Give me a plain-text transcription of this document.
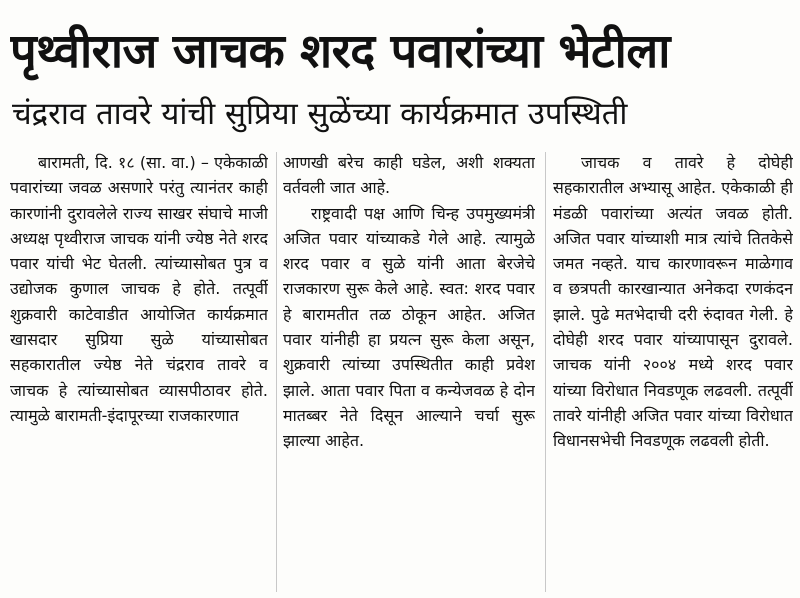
पृथ्वीराज जाचक शरद पवारांच्या भेटीला
चंद्रराव तावरे यांची सुप्रिया सुळेंच्या कार्यक्रमात उपस्थिती

बारामती, दि. १८ (सा. वा.) – एकेकाळी पवारांच्या जवळ असणारे परंतु त्यानंतर काही कारणांनी दुरावलेले राज्य साखर संघाचे माजी अध्यक्ष पृथ्वीराज जाचक यांनी ज्येष्ठ नेते शरद पवार यांची भेट घेतली. त्यांच्यासोबत पुत्र व उद्योजक कुणाल जाचक हे होते. तत्पूर्वी शुक्रवारी काटेवाडीत आयोजित कार्यक्रमात खासदार सुप्रिया सुळे यांच्यासोबत सहकारातील ज्येष्ठ नेते चंद्रराव तावरे व जाचक हे त्यांच्यासोबत व्यासपीठावर होते. त्यामुळे बारामती-इंदापूरच्या राजकारणात

आणखी बरेच काही घडेल, अशी शक्यता वर्तवली जात आहे.

राष्ट्रवादी पक्ष आणि चिन्ह उपमुख्यमंत्री अजित पवार यांच्याकडे गेले आहे. त्यामुळे शरद पवार व सुळे यांनी आता बेरजेचे राजकारण सुरू केले आहे. स्वत: शरद पवार हे बारामतीत तळ ठोकून आहेत. अजित पवार यांनीही हा प्रयत्न सुरू केला असून, शुक्रवारी त्यांच्या उपस्थितीत काही प्रवेश झाले. आता पवार पिता व कन्येजवळ हे दोन मातब्बर नेते दिसून आल्याने चर्चा सुरू झाल्या आहेत.

जाचक व तावरे हे दोघेही सहकारातील अभ्यासू आहेत. एकेकाळी ही मंडळी पवारांच्या अत्यंत जवळ होती. अजित पवार यांच्याशी मात्र त्यांचे तितकेसे जमत नव्हते. याच कारणावरून माळेगाव व छत्रपती कारखान्यात अनेकदा रणकंदन झाले. पुढे मतभेदाची दरी रुंदावत गेली. हे दोघेही शरद पवार यांच्यापासून दुरावले. जाचक यांनी २००४ मध्ये शरद पवार यांच्या विरोधात निवडणूक लढवली. तत्पूर्वी तावरे यांनीही अजित पवार यांच्या विरोधात विधानसभेची निवडणूक लढवली होती.
